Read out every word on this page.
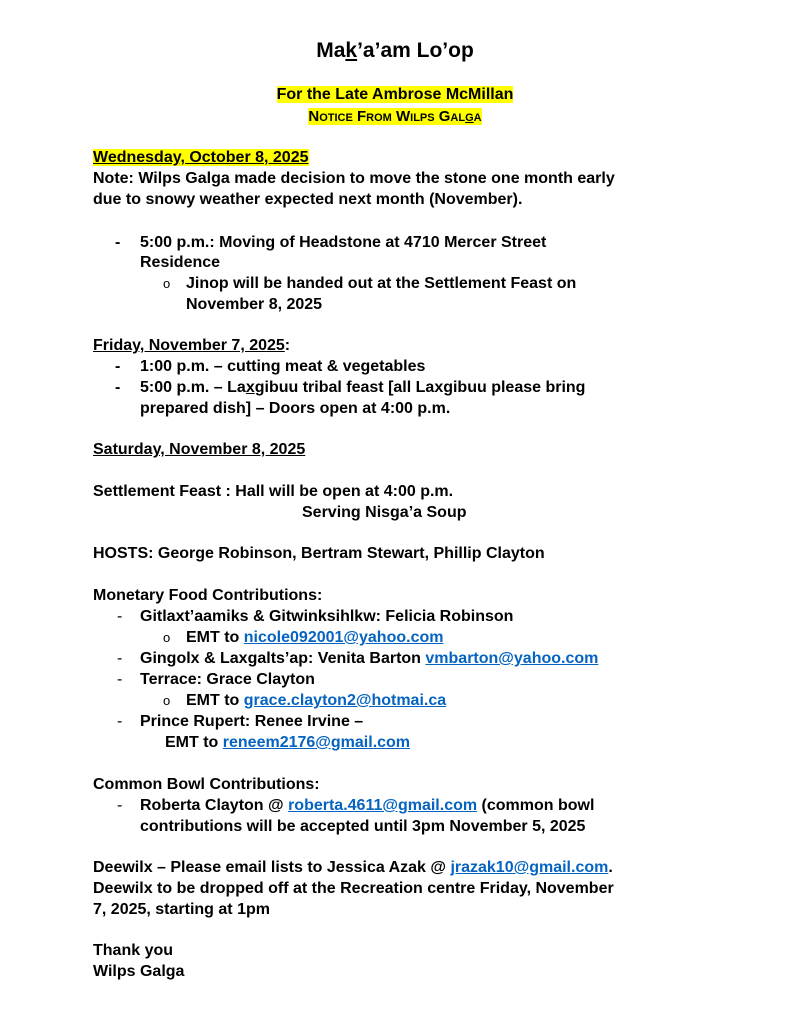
Mak’a’am Lo’op
For the Late Ambrose McMillan
Notice From Wilps Galga
Wednesday, October 8, 2025
Note: Wilps Galga made decision to move the stone one month early
due to snowy weather expected next month (November).
- 5:00 p.m.: Moving of Headstone at 4710 Mercer Street
Residence
o Jinop will be handed out at the Settlement Feast on
November 8, 2025
Friday, November 7, 2025:
- 1:00 p.m. – cutting meat & vegetables
- 5:00 p.m. – Laxgibuu tribal feast [all Laxgibuu please bring
prepared dish] – Doors open at 4:00 p.m.
Saturday, November 8, 2025
Settlement Feast : Hall will be open at 4:00 p.m.
Serving Nisga’a Soup
HOSTS: George Robinson, Bertram Stewart, Phillip Clayton
Monetary Food Contributions:
- Gitlaxt’aamiks & Gitwinksihlkw: Felicia Robinson
o EMT to nicole092001@yahoo.com
- Gingolx & Laxgalts’ap: Venita Barton vmbarton@yahoo.com
- Terrace: Grace Clayton
o EMT to grace.clayton2@hotmai.ca
- Prince Rupert: Renee Irvine –
EMT to reneem2176@gmail.com
Common Bowl Contributions:
- Roberta Clayton @ roberta.4611@gmail.com (common bowl
contributions will be accepted until 3pm November 5, 2025
Deewilx – Please email lists to Jessica Azak @ jrazak10@gmail.com.
Deewilx to be dropped off at the Recreation centre Friday, November
7, 2025, starting at 1pm
Thank you
Wilps Galga
